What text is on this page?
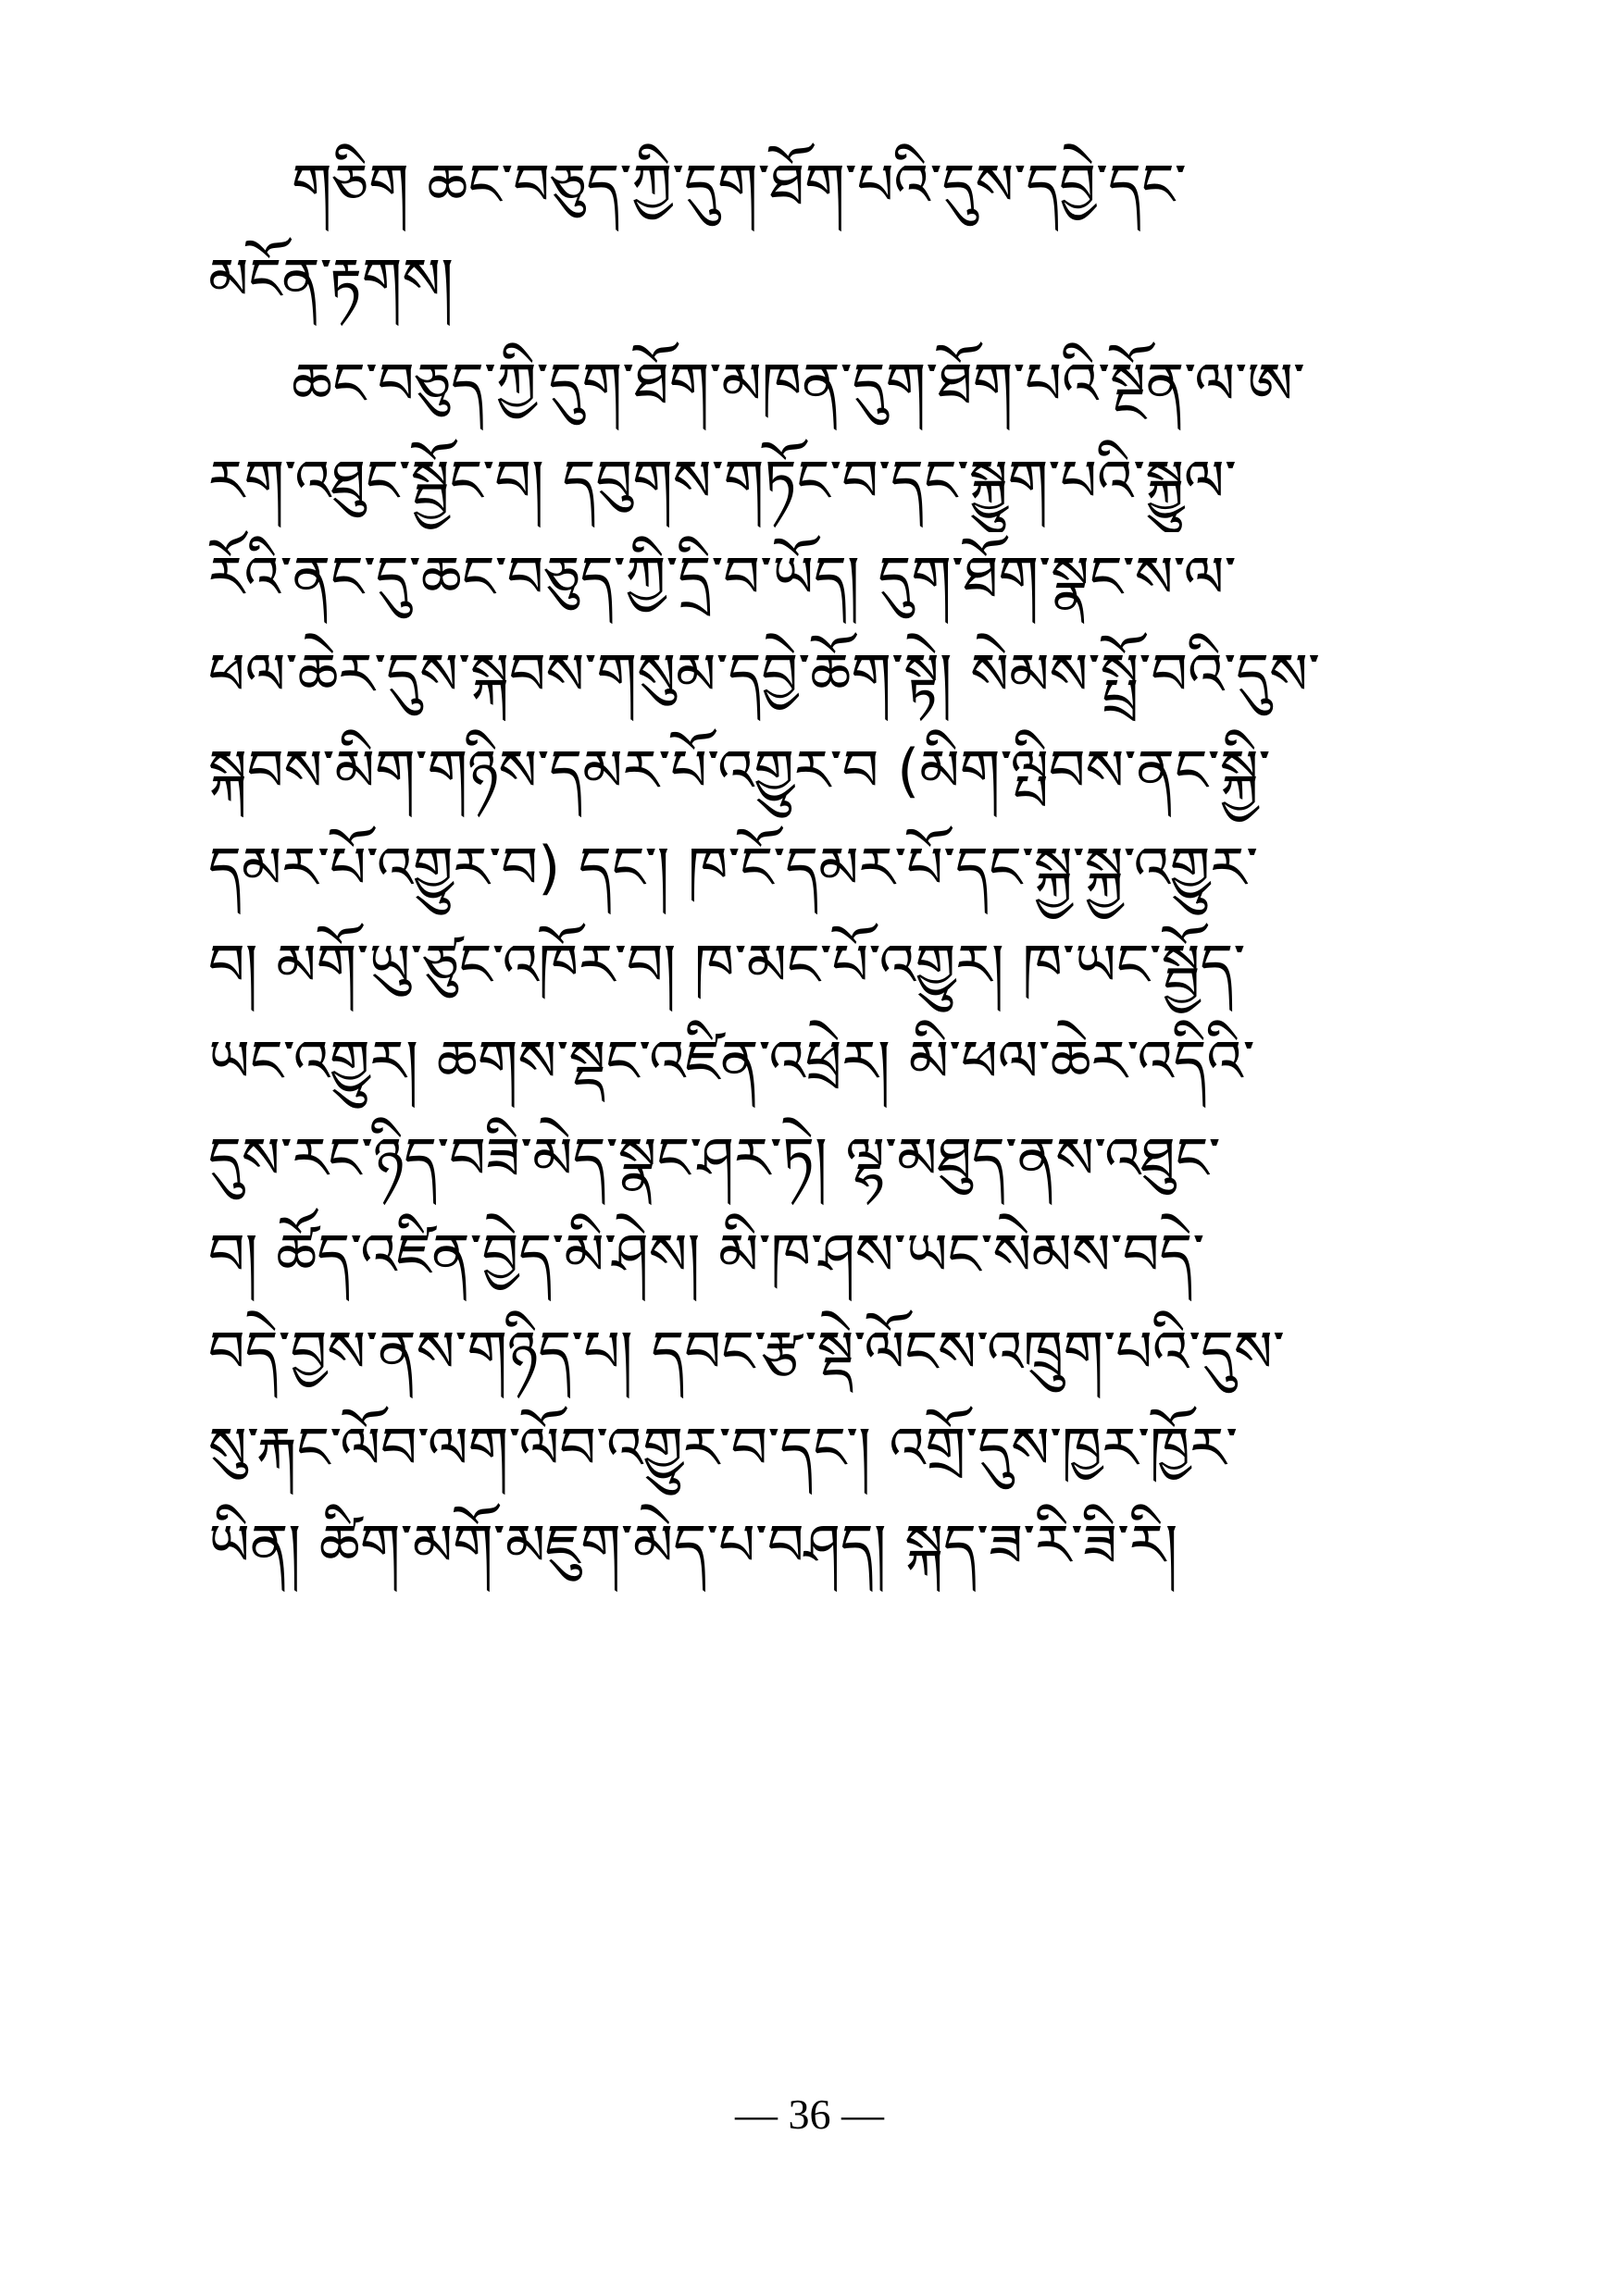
གཅིག ཆང་བཅུད་ཀྱི་དུག་ཐོག་པའི་དུས་དབྱེ་དང་
མངོན་རྟགས།
ཆང་བཅུད་ཀྱི་དུག་ཐོག་མཁན་དུག་ཐོག་པའི་སྔོན་ལ་ཨ་
རག་འཐུང་སྦྱོང་བ། དབུགས་གཏོང་བ་དང་སྐྱུག་པའི་སྐྱུལ་
རོའི་ནང་དུ་ཆང་བཅུད་ཀྱི་དྲི་བ་ཡོད། དུག་ཐོག་སྣང་ས་ལ་
ཕལ་ཆེར་དུས་སྐབས་གསུམ་དབྱེ་ཆོག་སྟེ། སེམས་སྤྲོ་བའི་དུས་
སྐབས་མིག་གཉིས་དམར་པོ་འགྱུར་བ (མིག་ལྤིབས་ནང་སྐྱི་
དམར་པོ་འགྱུར་བ) དང་། ཁ་ངོ་དམར་པོ་དང་སྐྱ་སྐྱ་འགྱུར་
བ། མགོ་ཡུ་ཙུང་འཁོར་བ། ཁ་མང་པོ་འགྱུར། ཁ་ཡང་སྦྱོད་
ཡང་འགྱུར། ཆགས་སྡང་འཛིན་འཕྲེར། མི་ཕལ་ཆེར་འདིའི་
དུས་རང་ཉིད་བཟི་མེད་སྣང་ཤར་ཏེ། ལྷ་མཐུད་ནས་འཐུང་
བ། ཚོད་འཛིན་བྱེད་མི་ཤེས། མི་ཁ་ཤས་ཡང་སེམས་བདེ་
བདེ་བྱས་ནས་གཉིད་པ། དབང་རྩ་སྡེ་ལོངས་འཁྲུག་པའི་དུས་
སུ་རྐང་ལོབ་ལག་ལོབ་འགྱུར་བ་དང་། འགྲོ་དུས་ཁྱར་ཁྱོར་
ཡིན། ཚིག་མགོ་མཇུག་མེད་པ་བཤད། སྐད་ཟ་རི་ཟི་རི།
— 36 —
